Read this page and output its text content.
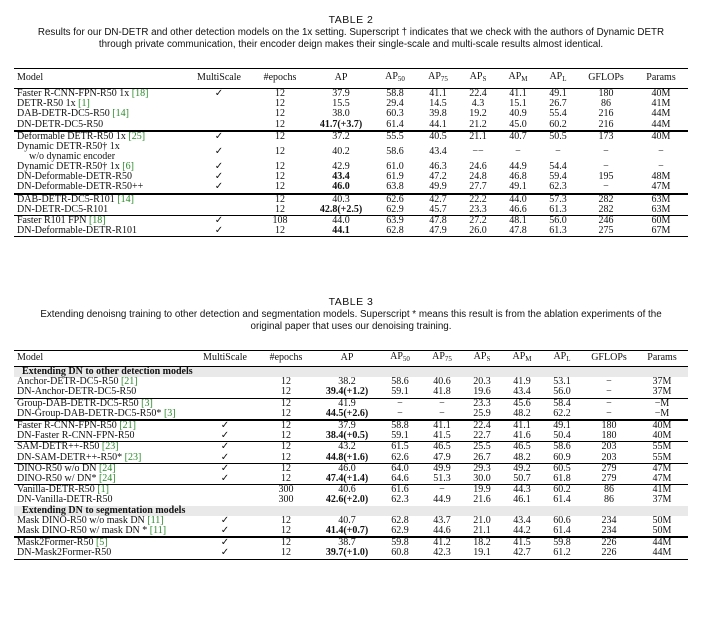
TABLE 2
Results for our DN-DETR and other detection models on the 1x setting. Superscript † indicates that we check with the authors of Dynamic DETR
through private communication, their encoder deign makes their single-scale and multi-scale results almost identical.
Model	MultiScale	#epochs	AP	$AP_{50}$	$AP_{75}$	$AP_S$	$AP_M$	$AP_L$	GFLOPs	Params

Faster R-CNN-FPN-R50 1x [18]	✓	12	37.9	58.8	41.1	22.4	41.1	49.1	180	40M

DETR-R50 1x [1]		12	15.5	29.4	14.5	4.3	15.1	26.7	86	41M

DAB-DETR-DC5-R50 [14]		12	38.0	60.3	39.8	19.2	40.9	55.4	216	44M

DN-DETR-DC5-R50		12	41.7(+3.7)	61.4	44.1	21.2	45.0	60.2	216	44M

Deformable DETR-R50 1x [25]	✓	12	37.2	55.5	40.5	21.1	40.7	50.5	173	40M

Dynamic DETR-R50† 1x
w/o dynamic encoder	✓	12	40.2	58.6	43.4	−−	−	−	−	−

Dynamic DETR-R50† 1x [6]	✓	12	42.9	61.0	46.3	24.6	44.9	54.4	−	−

DN-Deformable-DETR-R50	✓	12	43.4	61.9	47.2	24.8	46.8	59.4	195	48M

DN-Deformable-DETR-R50++	✓	12	46.0	63.8	49.9	27.7	49.1	62.3	−	47M

DAB-DETR-DC5-R101 [14]		12	40.3	62.6	42.7	22.2	44.0	57.3	282	63M

DN-DETR-DC5-R101		12	42.8(+2.5)	62.9	45.7	23.3	46.6	61.3	282	63M

Faster R101 FPN [18]	✓	108	44.0	63.9	47.8	27.2	48.1	56.0	246	60M

DN-Deformable-DETR-R101	✓	12	44.1	62.8	47.9	26.0	47.8	61.3	275	67M
TABLE 3
Extending denoisng training to other detection and segmentation models. Superscript * means this result is from the ablation experiments of the
original paper that uses our denoising training.
Model	MultiScale	#epochs	AP	$AP_{50}$	$AP_{75}$	$AP_S$	$AP_M$	$AP_L$	GFLOPs	Params
Extending DN to other detection models										

Anchor-DETR-DC5-R50 [21]		12	38.2	58.6	40.6	20.3	41.9	53.1	−	37M

DN-Anchor-DETR-DC5-R50		12	39.4(+1.2)	59.1	41.8	19.6	43.4	56.0	−	37M

Group-DAB-DETR-DC5-R50 [3]		12	41.9	−	−	23.3	45.6	58.4	−	−M

DN-Group-DAB-DETR-DC5-R50* [3]		12	44.5(+2.6)	−	−	25.9	48.2	62.2	−	−M

Faster R-CNN-FPN-R50 [21]	✓	12	37.9	58.8	41.1	22.4	41.1	49.1	180	40M

DN-Faster R-CNN-FPN-R50	✓	12	38.4(+0.5)	59.1	41.5	22.7	41.6	50.4	180	40M

SAM-DETR++-R50 [23]	✓	12	43.2	61.5	46.5	25.5	46.5	58.6	203	55M

DN-SAM-DETR++-R50* [23]	✓	12	44.8(+1.6)	62.6	47.9	26.7	48.2	60.9	203	55M

DINO-R50 w/o DN [24]	✓	12	46.0	64.0	49.9	29.3	49.2	60.5	279	47M

DINO-R50 w/ DN* [24]	✓	12	47.4(+1.4)	64.6	51.3	30.0	50.7	61.8	279	47M

Vanilla-DETR-R50 [1]		300	40.6	61.6	−	19.9	44.3	60.2	86	41M

DN-Vanilla-DETR-R50		300	42.6(+2.0)	62.3	44.9	21.6	46.1	61.4	86	37M
Extending DN to segmentation models										

Mask DINO-R50 w/o mask DN [11]	✓	12	40.7	62.8	43.7	21.0	43.4	60.6	234	50M

Mask DINO-R50 w/ mask DN * [11]	✓	12	41.4(+0.7)	62.9	44.6	21.1	44.2	61.4	234	50M

Mask2Former-R50 [5]	✓	12	38.7	59.8	41.2	18.2	41.5	59.8	226	44M

DN-Mask2Former-R50	✓	12	39.7(+1.0)	60.8	42.3	19.1	42.7	61.2	226	44M
